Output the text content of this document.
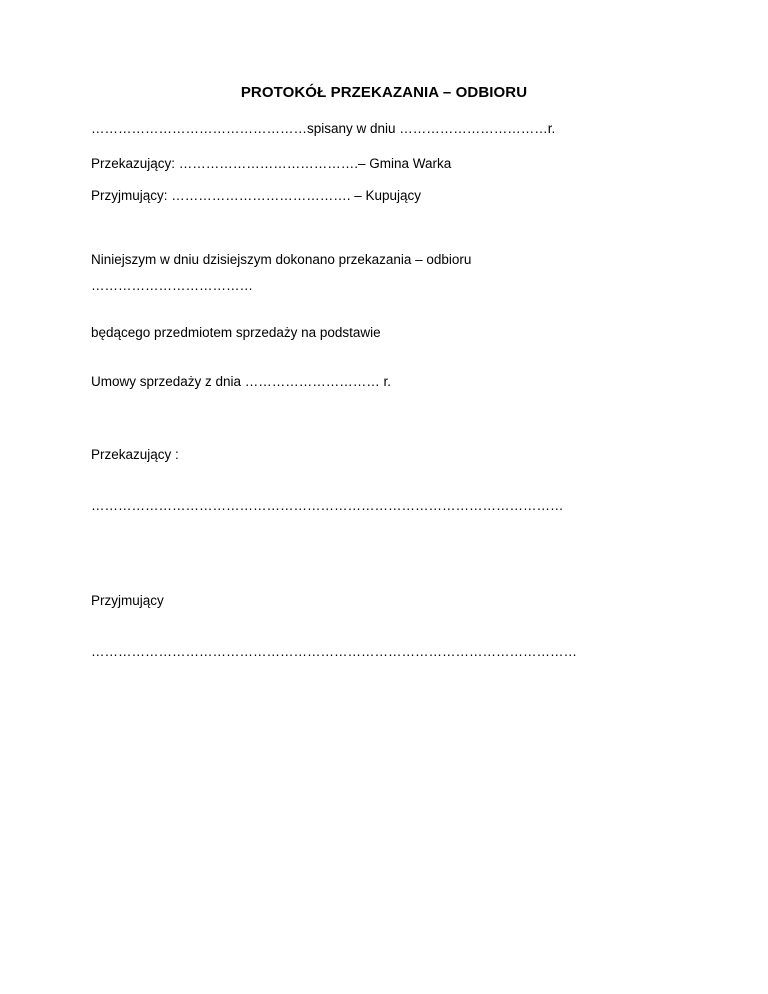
PROTOKÓŁ PRZEKAZANIA – ODBIORU
…………………………………………spisany w dniu ……………………………r.
Przekazujący: ………………………………….– Gmina Warka
Przyjmujący: …………………………………. – Kupujący
Niniejszym w dniu dzisiejszym dokonano przekazania – odbioru
………………………………
będącego przedmiotem sprzedaży na podstawie
Umowy sprzedaży z dnia ………………………… r.
Przekazujący :
……………………………………………………………………………………………
Przyjmujący
………………………………………………………………………………………………
